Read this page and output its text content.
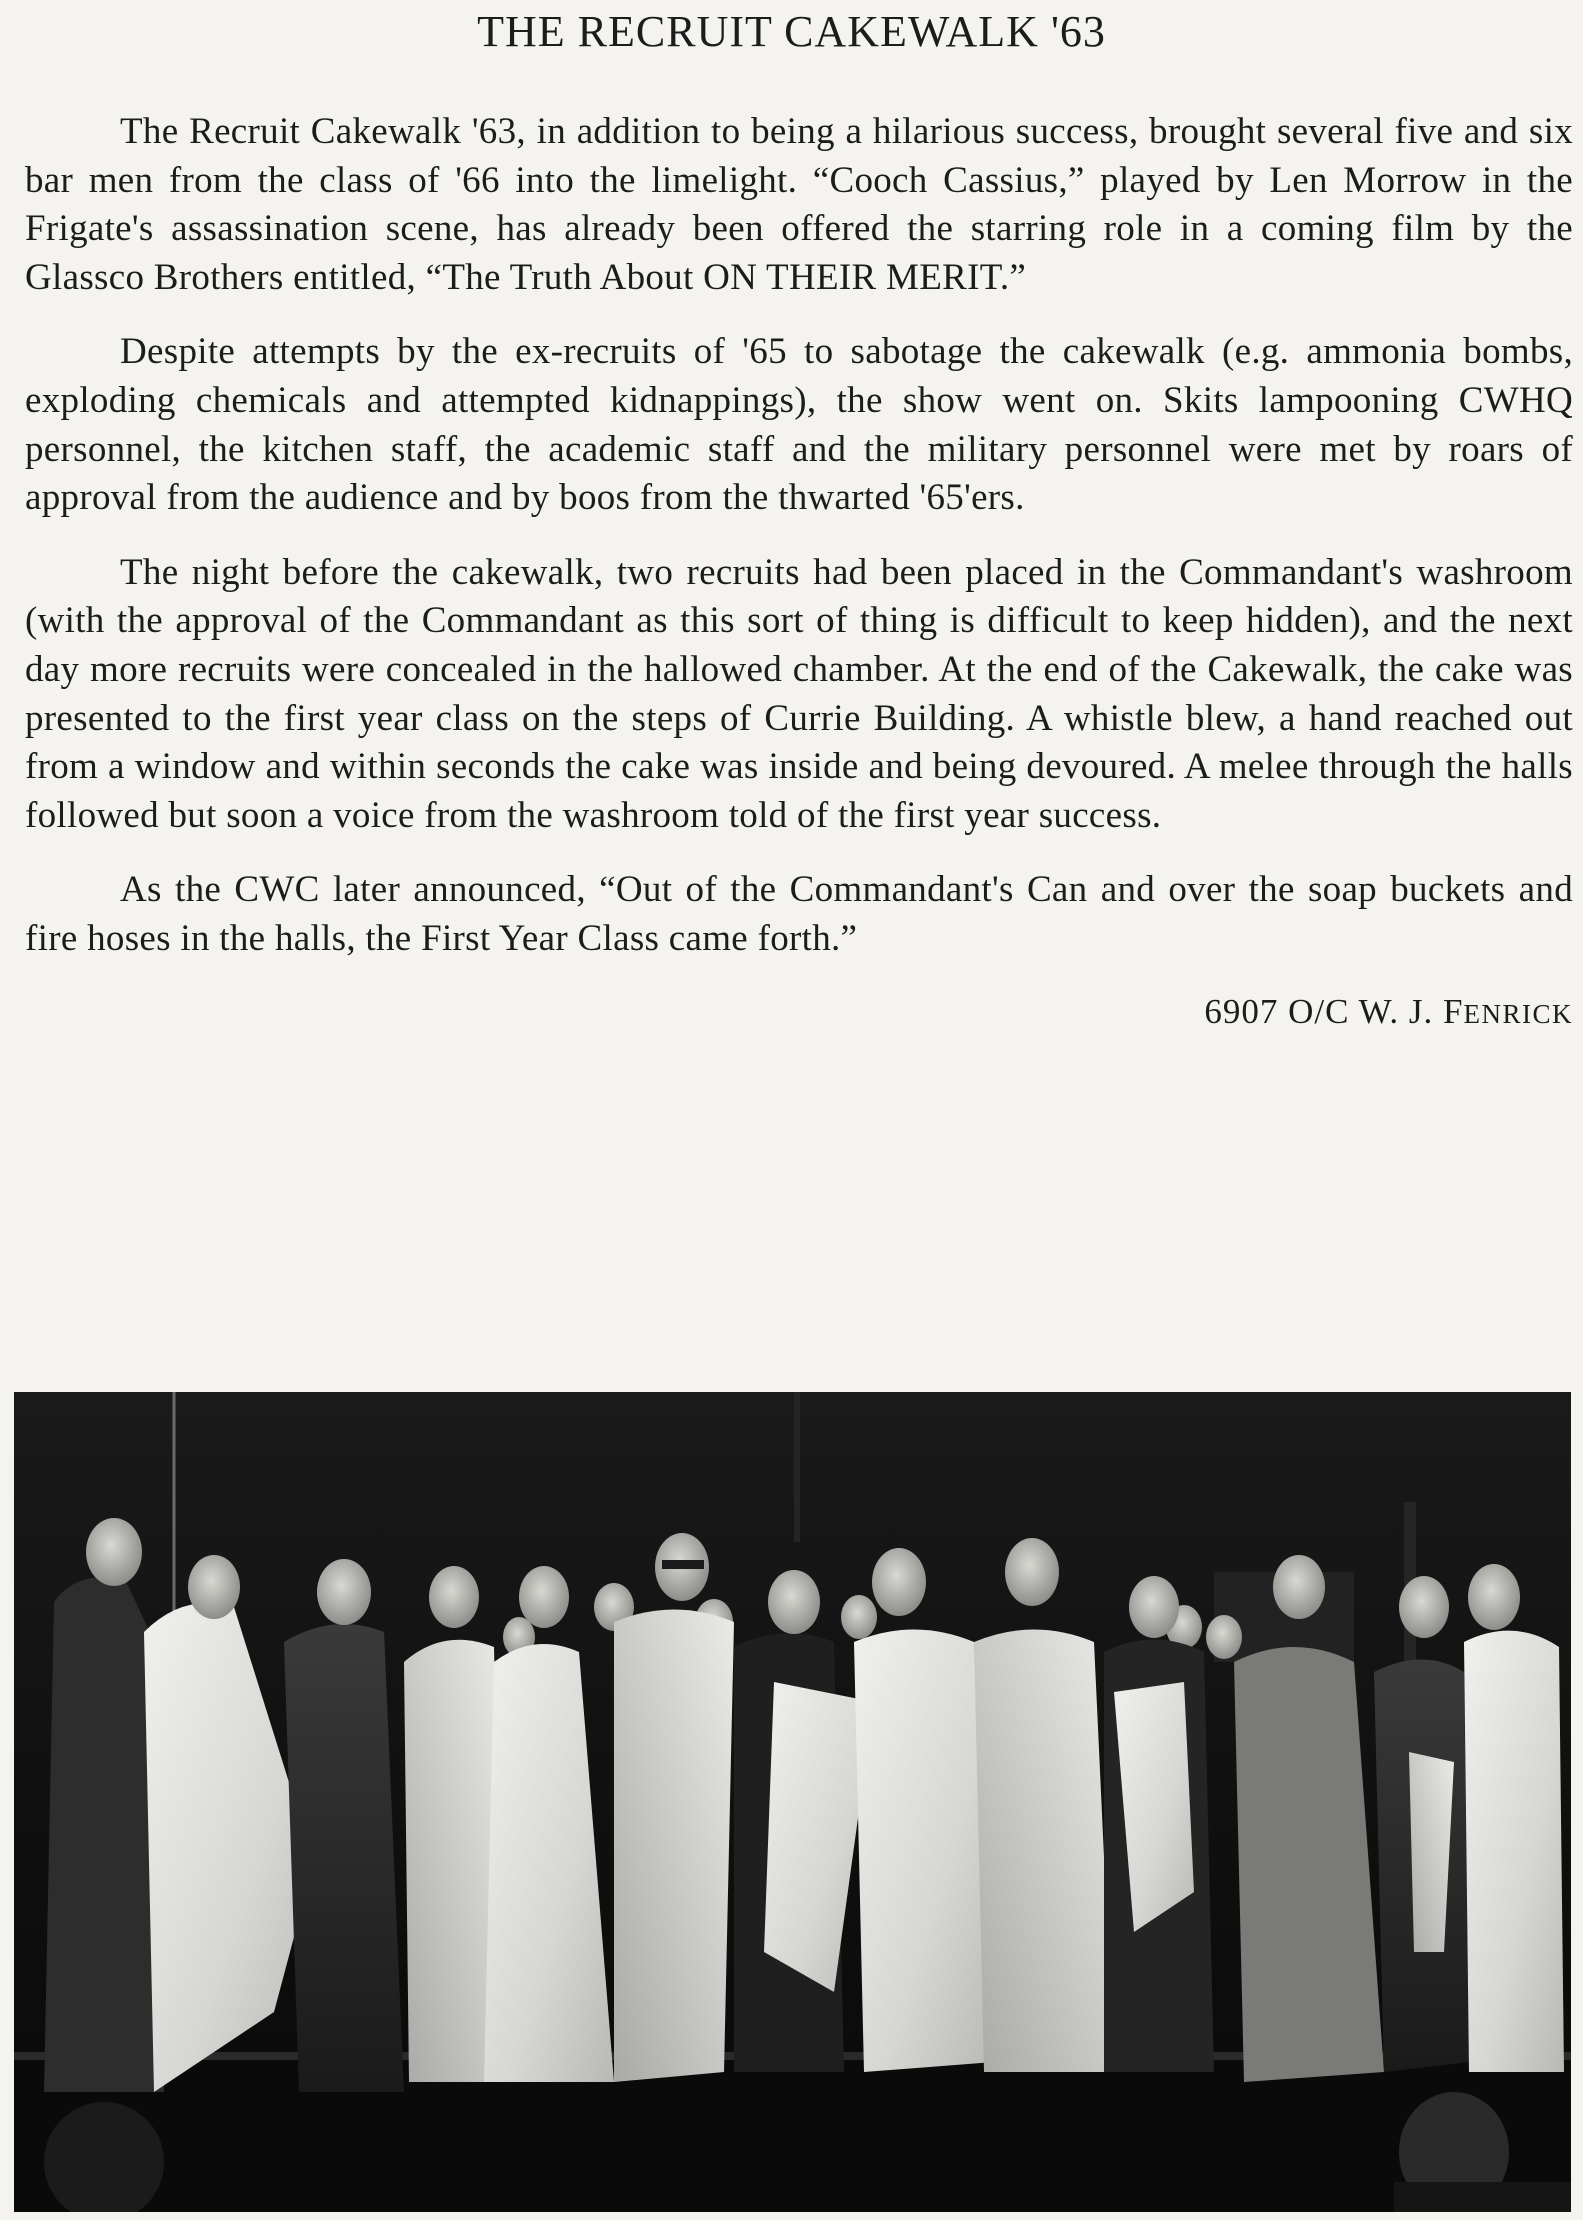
THE RECRUIT CAKEWALK '63

The Recruit Cakewalk '63, in addition to being a hilarious success, brought several five and six bar men from the class of '66 into the limelight. “Cooch Cassius,” played by Len Morrow in the Frigate's assassination scene, has already been offered the starring role in a coming film by the Glassco Brothers entitled, “The Truth About ON THEIR MERIT.”

Despite attempts by the ex-recruits of '65 to sabotage the cakewalk (e.g. ammonia bombs, exploding chemicals and attempted kidnappings), the show went on. Skits lampooning CWHQ personnel, the kitchen staff, the academic staff and the military personnel were met by roars of approval from the audience and by boos from the thwarted '65'ers.

The night before the cakewalk, two recruits had been placed in the Commandant's washroom (with the approval of the Commandant as this sort of thing is difficult to keep hidden), and the next day more recruits were concealed in the hallowed chamber. At the end of the Cakewalk, the cake was presented to the first year class on the steps of Currie Building. A whistle blew, a hand reached out from a window and within seconds the cake was inside and being devoured. A melee through the halls followed but soon a voice from the washroom told of the first year success.

As the CWC later announced, “Out of the Commandant's Can and over the soap buckets and fire hoses in the halls, the First Year Class came forth.”

6907 O/C W. J. FENRICK
